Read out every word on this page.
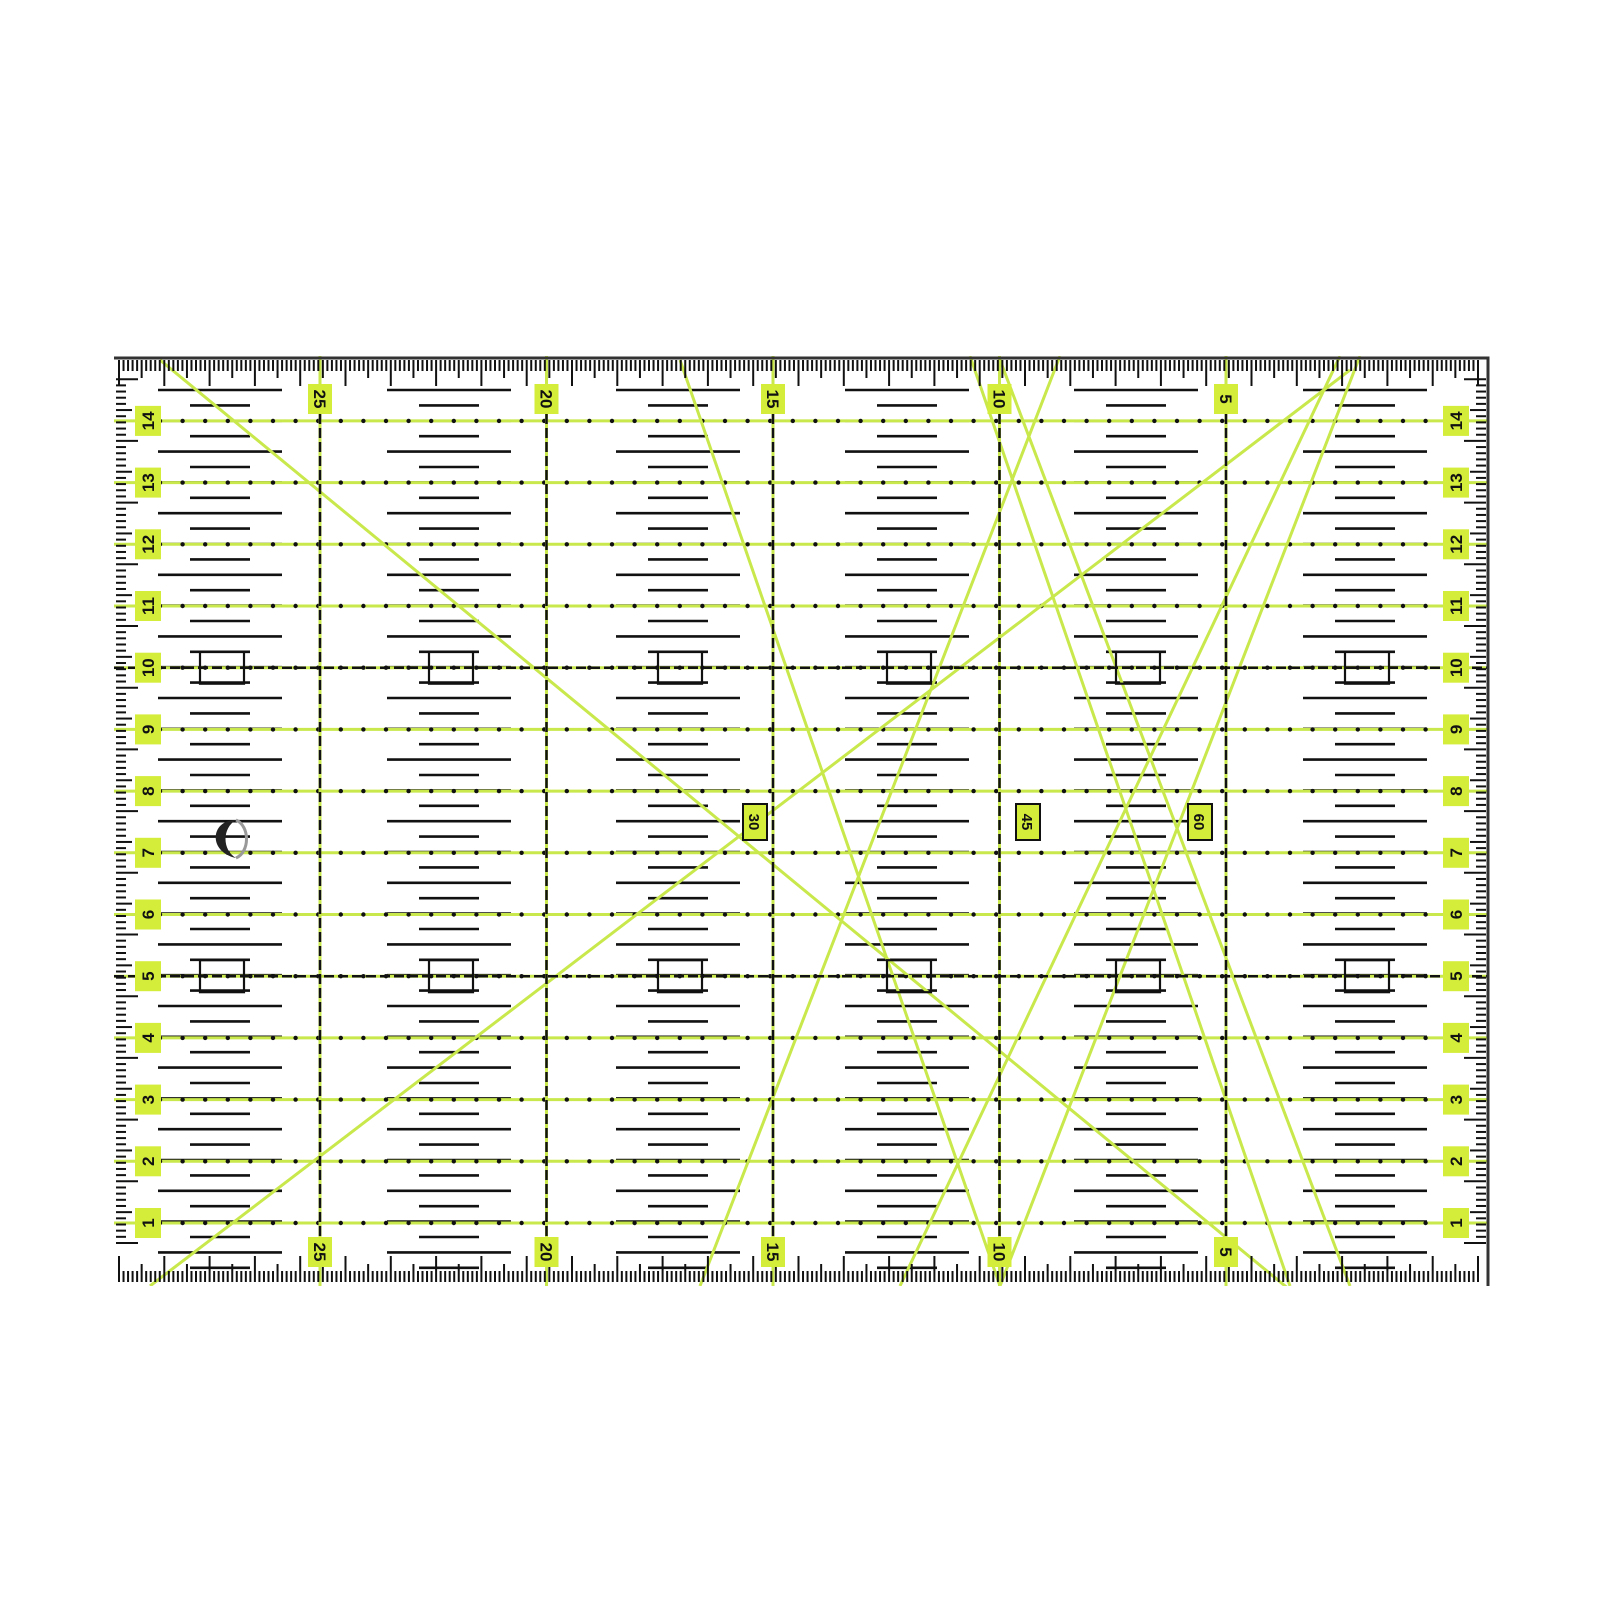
25
25
20
20
15
15
10
10
5
5
14
13
12
11
10
9
8
7
6
5
4
3
2
1
14
13
12
11
10
9
8
7
6
5
4
3
2
1
30	45	60
